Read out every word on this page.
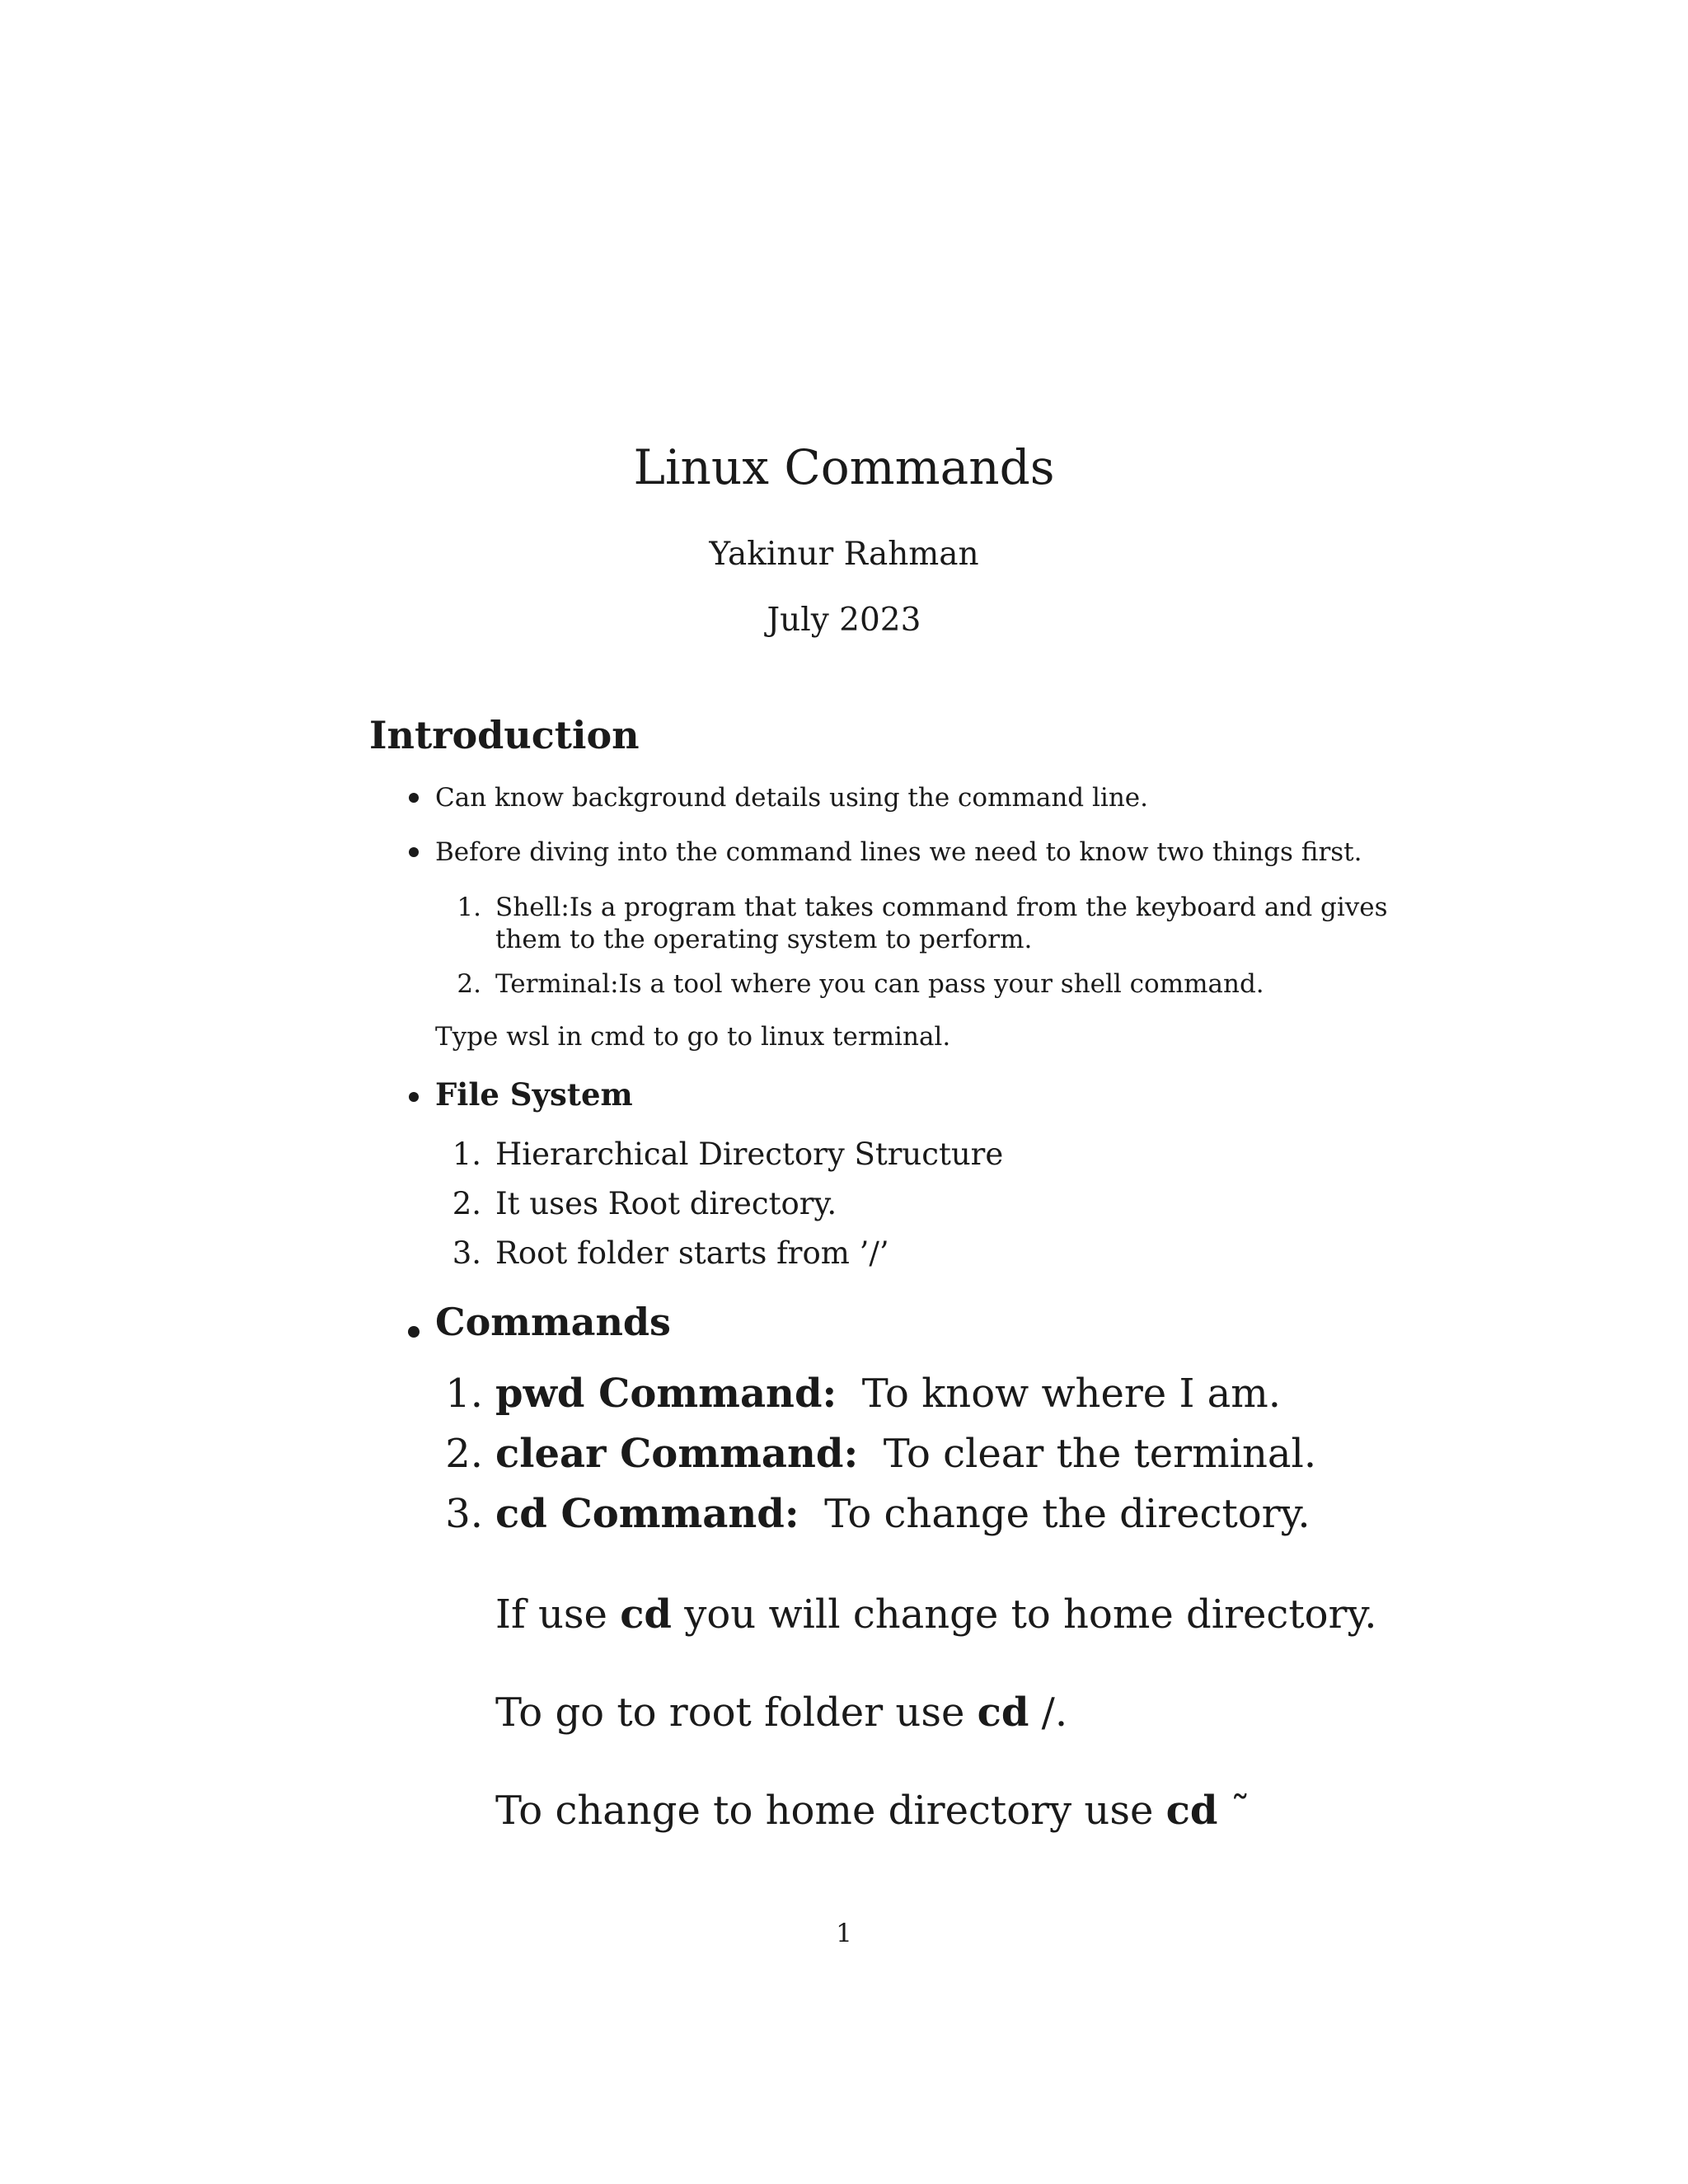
Linux Commands
Yakinur Rahman
July 2023
Introduction
Can know background details using the command line.
Before diving into the command lines we need to know two things first.
1. Shell:Is a program that takes command from the keyboard and gives
them to the operating system to perform.
2. Terminal:Is a tool where you can pass your shell command.
Type wsl in cmd to go to linux terminal.
File System
1. Hierarchical Directory Structure
2. It uses Root directory.
3. Root folder starts from ’/’
Commands
1. pwd Command: To know where I am.
2. clear Command: To clear the terminal.
3. cd Command: To change the directory.
If use cd you will change to home directory.
To go to root folder use cd /.
To change to home directory use cd ˜
1
